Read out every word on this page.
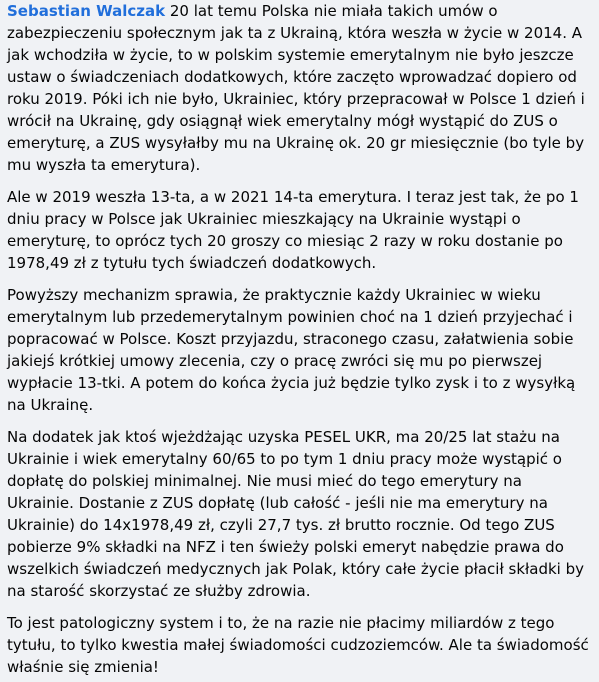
Sebastian Walczak 20 lat temu Polska nie miała takich umów o zabezpieczeniu społecznym jak ta z Ukrainą, która weszła w życie w 2014. A jak wchodziła w życie, to w polskim systemie emerytalnym nie było jeszcze ustaw o świadczeniach dodatkowych, które zaczęto wprowadzać dopiero od roku 2019. Póki ich nie było, Ukrainiec, który przepracował w Polsce 1 dzień i wrócił na Ukrainę, gdy osiągnął wiek emerytalny mógł wystąpić do ZUS o emeryturę, a ZUS wysyłałby mu na Ukrainę ok. 20 gr miesięcznie (bo tyle by mu wyszła ta emerytura).

Ale w 2019 weszła 13-ta, a w 2021 14-ta emerytura. I teraz jest tak, że po 1 dniu pracy w Polsce jak Ukrainiec mieszkający na Ukrainie wystąpi o emeryturę, to oprócz tych 20 groszy co miesiąc 2 razy w roku dostanie po 1978,49 zł z tytułu tych świadczeń dodatkowych.

Powyższy mechanizm sprawia, że praktycznie każdy Ukrainiec w wieku emerytalnym lub przedemerytalnym powinien choć na 1 dzień przyjechać i popracować w Polsce. Koszt przyjazdu, straconego czasu, załatwienia sobie jakiejś krótkiej umowy zlecenia, czy o pracę zwróci się mu po pierwszej wypłacie 13-tki. A potem do końca życia już będzie tylko zysk i to z wysyłką na Ukrainę.

Na dodatek jak ktoś wjeżdżając uzyska PESEL UKR, ma 20/25 lat stażu na Ukrainie i wiek emerytalny 60/65 to po tym 1 dniu pracy może wystąpić o dopłatę do polskiej minimalnej. Nie musi mieć do tego emerytury na Ukrainie. Dostanie z ZUS dopłatę (lub całość - jeśli nie ma emerytury na Ukrainie) do 14x1978,49 zł, czyli 27,7 tys. zł brutto rocznie. Od tego ZUS pobierze 9% składki na NFZ i ten świeży polski emeryt nabędzie prawa do wszelkich świadczeń medycznych jak Polak, który całe życie płacił składki by na starość skorzystać ze służby zdrowia.

To jest patologiczny system i to, że na razie nie płacimy miliardów z tego tytułu, to tylko kwestia małej świadomości cudzoziemców. Ale ta świadomość właśnie się zmienia!
